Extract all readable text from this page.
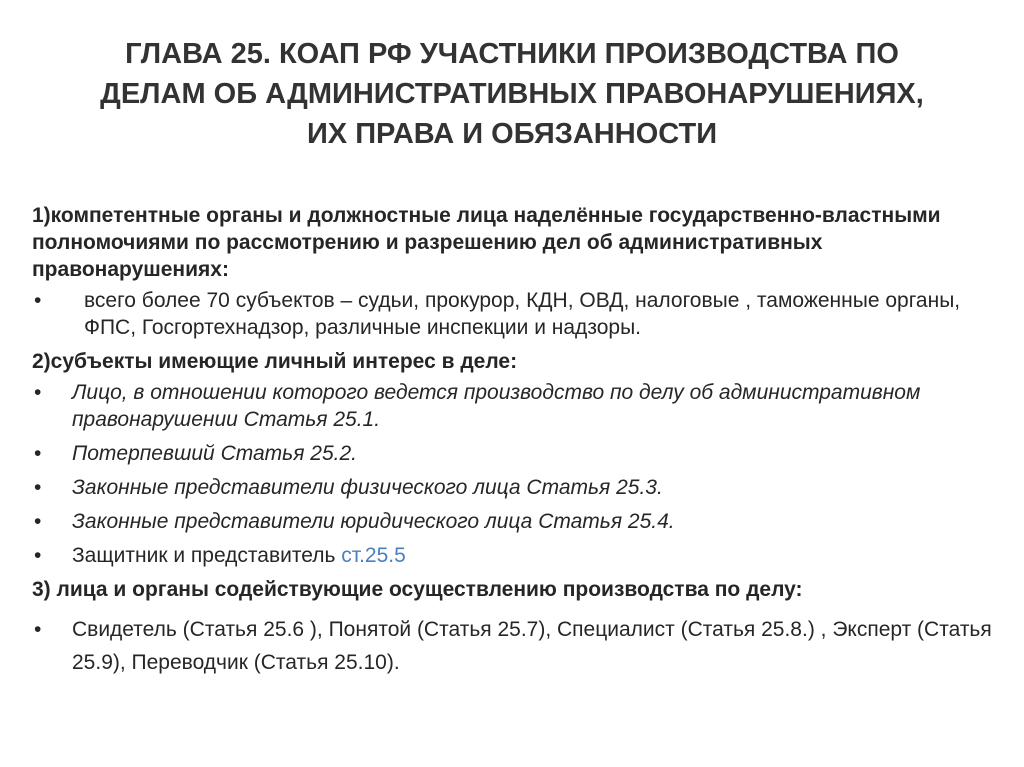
ГЛАВА 25. КОАП РФ УЧАСТНИКИ ПРОИЗВОДСТВА ПО
ДЕЛАМ ОБ АДМИНИСТРАТИВНЫХ ПРАВОНАРУШЕНИЯХ,
ИХ ПРАВА И ОБЯЗАННОСТИ

1)компетентные органы и должностные лица наделённые государственно-властными полномочиями по рассмотрению и разрешению дел об административных правонарушениях:

• всего более 70 субъектов – судьи, прокурор, КДН, ОВД, налоговые , таможенные органы, ФПС, Госгортехнадзор, различные инспекции и надзоры.

2)субъекты имеющие личный интерес в деле:

• Лицо, в отношении которого ведется производство по делу об административном правонарушении Статья 25.1.
• Потерпевший Статья 25.2.
• Законные представители физического лица Статья 25.3.
• Законные представители юридического лица Статья 25.4.
• Защитник и представитель ст.25.5

3) лица и органы содействующие осуществлению производства по делу:

• Свидетель (Статья 25.6 ), Понятой (Статья 25.7), Специалист (Статья 25.8.) , Эксперт (Статья 25.9), Переводчик (Статья 25.10).
